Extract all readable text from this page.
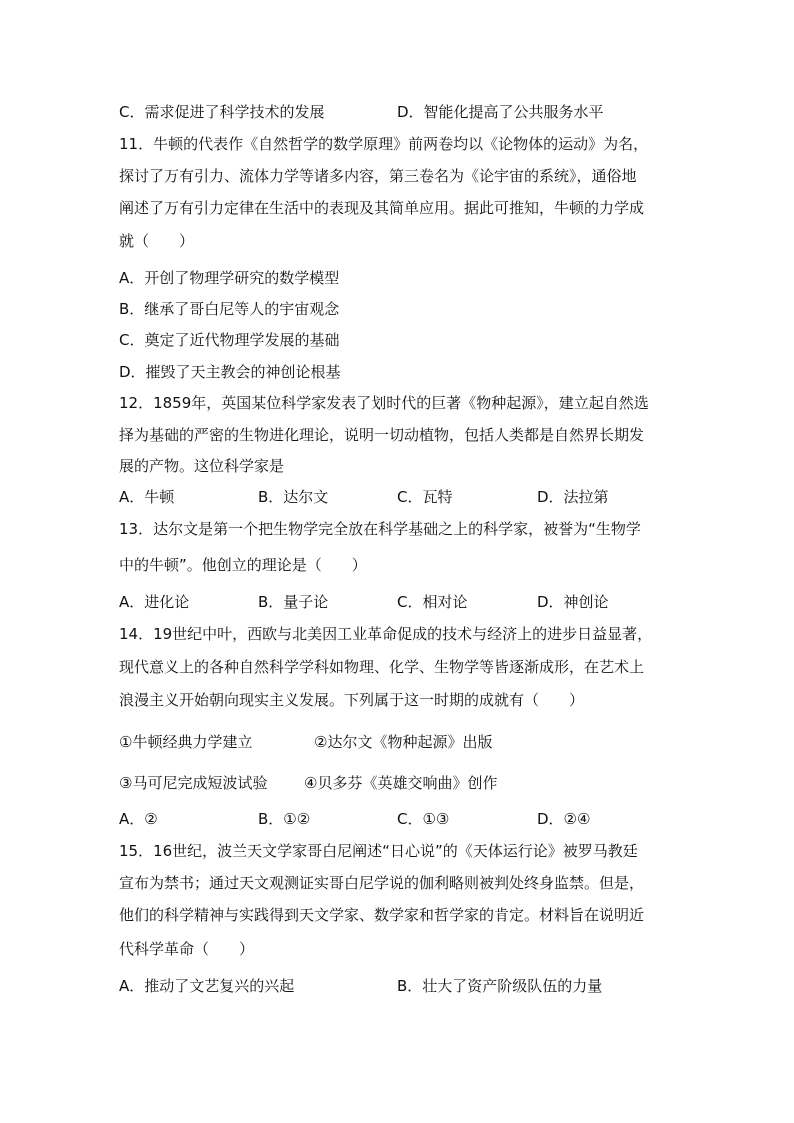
C．需求促进了科学技术的发展	D．智能化提高了公共服务水平
11．牛顿的代表作《自然哲学的数学原理》前两卷均以《论物体的运动》为名，
探讨了万有引力、流体力学等诸多内容，第三卷名为《论宇宙的系统》，通俗地
阐述了万有引力定律在生活中的表现及其简单应用。据此可推知，牛顿的力学成
就（　　）
A．开创了物理学研究的数学模型
B．继承了哥白尼等人的宇宙观念
C．奠定了近代物理学发展的基础
D．摧毁了天主教会的神创论根基
12．1859年，英国某位科学家发表了划时代的巨著《物种起源》，建立起自然选
择为基础的严密的生物进化理论，说明一切动植物，包括人类都是自然界长期发
展的产物。这位科学家是
A．牛顿	B．达尔文	C．瓦特	D．法拉第
13．达尔文是第一个把生物学完全放在科学基础之上的科学家，被誉为“生物学
中的牛顿”。他创立的理论是（　　）
A．进化论	B．量子论	C．相对论	D．神创论
14．19世纪中叶，西欧与北美因工业革命促成的技术与经济上的进步日益显著，
现代意义上的各种自然科学学科如物理、化学、生物学等皆逐渐成形，在艺术上
浪漫主义开始朝向现实主义发展。下列属于这一时期的成就有（　　）
①牛顿经典力学建立	②达尔文《物种起源》出版
③马可尼完成短波试验 ④贝多芬《英雄交响曲》创作
A．②	B．①②	C．①③	D．②④
15．16世纪，波兰天文学家哥白尼阐述“日心说”的《天体运行论》被罗马教廷
宣布为禁书；通过天文观测证实哥白尼学说的伽利略则被判处终身监禁。但是，
他们的科学精神与实践得到天文学家、数学家和哲学家的肯定。材料旨在说明近
代科学革命（　　）
A．推动了文艺复兴的兴起	B．壮大了资产阶级队伍的力量
